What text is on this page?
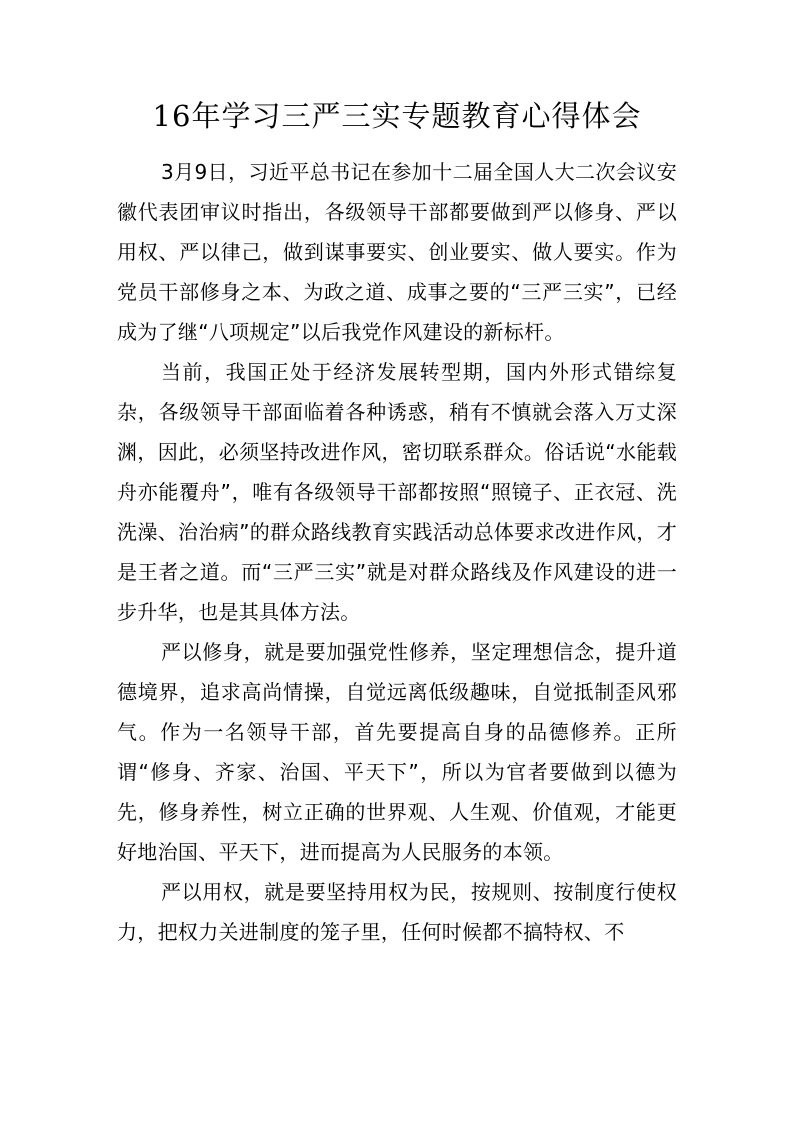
16年学习三严三实专题教育心得体会

3月9日，习近平总书记在参加十二届全国人大二次会议安徽代表团审议时指出，各级领导干部都要做到严以修身、严以用权、严以律己，做到谋事要实、创业要实、做人要实。作为党员干部修身之本、为政之道、成事之要的“三严三实”，已经成为了继“八项规定”以后我党作风建设的新标杆。

当前，我国正处于经济发展转型期，国内外形式错综复杂，各级领导干部面临着各种诱惑，稍有不慎就会落入万丈深渊，因此，必须坚持改进作风，密切联系群众。俗话说“水能载舟亦能覆舟”，唯有各级领导干部都按照“照镜子、正衣冠、洗洗澡、治治病”的群众路线教育实践活动总体要求改进作风，才是王者之道。而“三严三实”就是对群众路线及作风建设的进一步升华，也是其具体方法。

严以修身，就是要加强党性修养，坚定理想信念，提升道德境界，追求高尚情操，自觉远离低级趣味，自觉抵制歪风邪气。作为一名领导干部，首先要提高自身的品德修养。正所谓“修身、齐家、治国、平天下”，所以为官者要做到以德为先，修身养性，树立正确的世界观、人生观、价值观，才能更好地治国、平天下，进而提高为人民服务的本领。

严以用权，就是要坚持用权为民，按规则、按制度行使权力，把权力关进制度的笼子里，任何时候都不搞特权、不
